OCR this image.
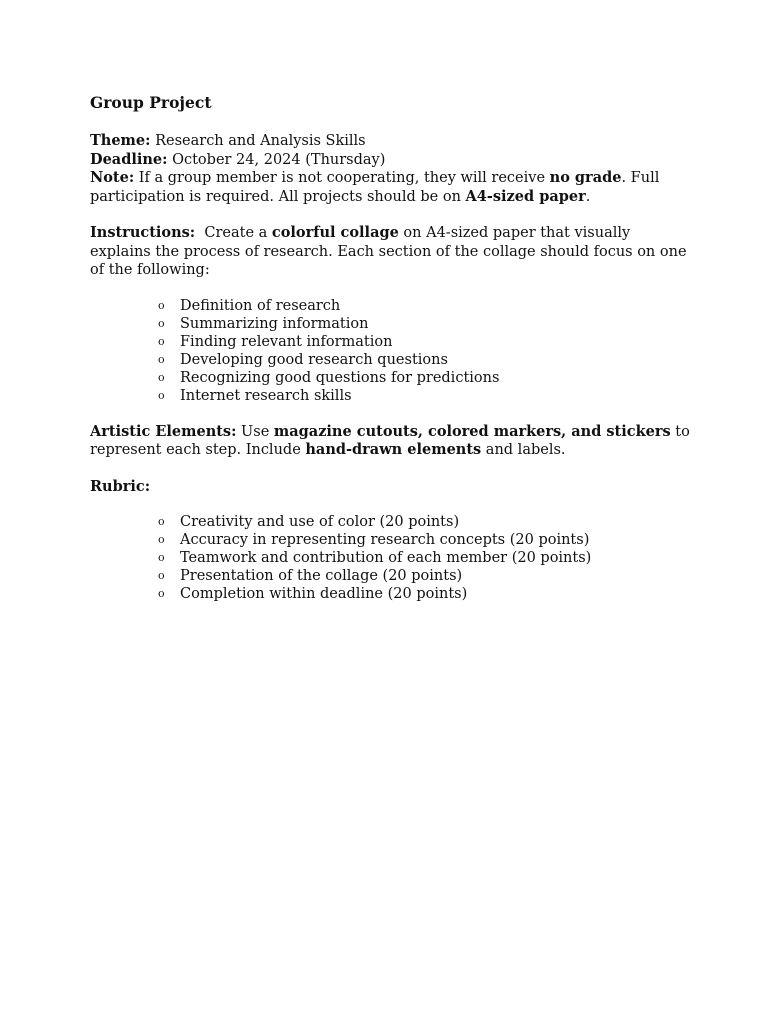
Group Project

Theme: Research and Analysis Skills

Deadline: October 24, 2024 (Thursday)

Note: If a group member is not cooperating, they will receive no grade. Full participation is required. All projects should be on A4-sized paper.

Instructions:  Create a colorful collage on A4-sized paper that visually explains the process of research. Each section of the collage should focus on one of the following:

o Definition of research
o Summarizing information
o Finding relevant information
o Developing good research questions
o Recognizing good questions for predictions
o Internet research skills

Artistic Elements: Use magazine cutouts, colored markers, and stickers to represent each step. Include hand-drawn elements and labels.

Rubric:

o Creativity and use of color (20 points)
o Accuracy in representing research concepts (20 points)
o Teamwork and contribution of each member (20 points)
o Presentation of the collage (20 points)
o Completion within deadline (20 points)
